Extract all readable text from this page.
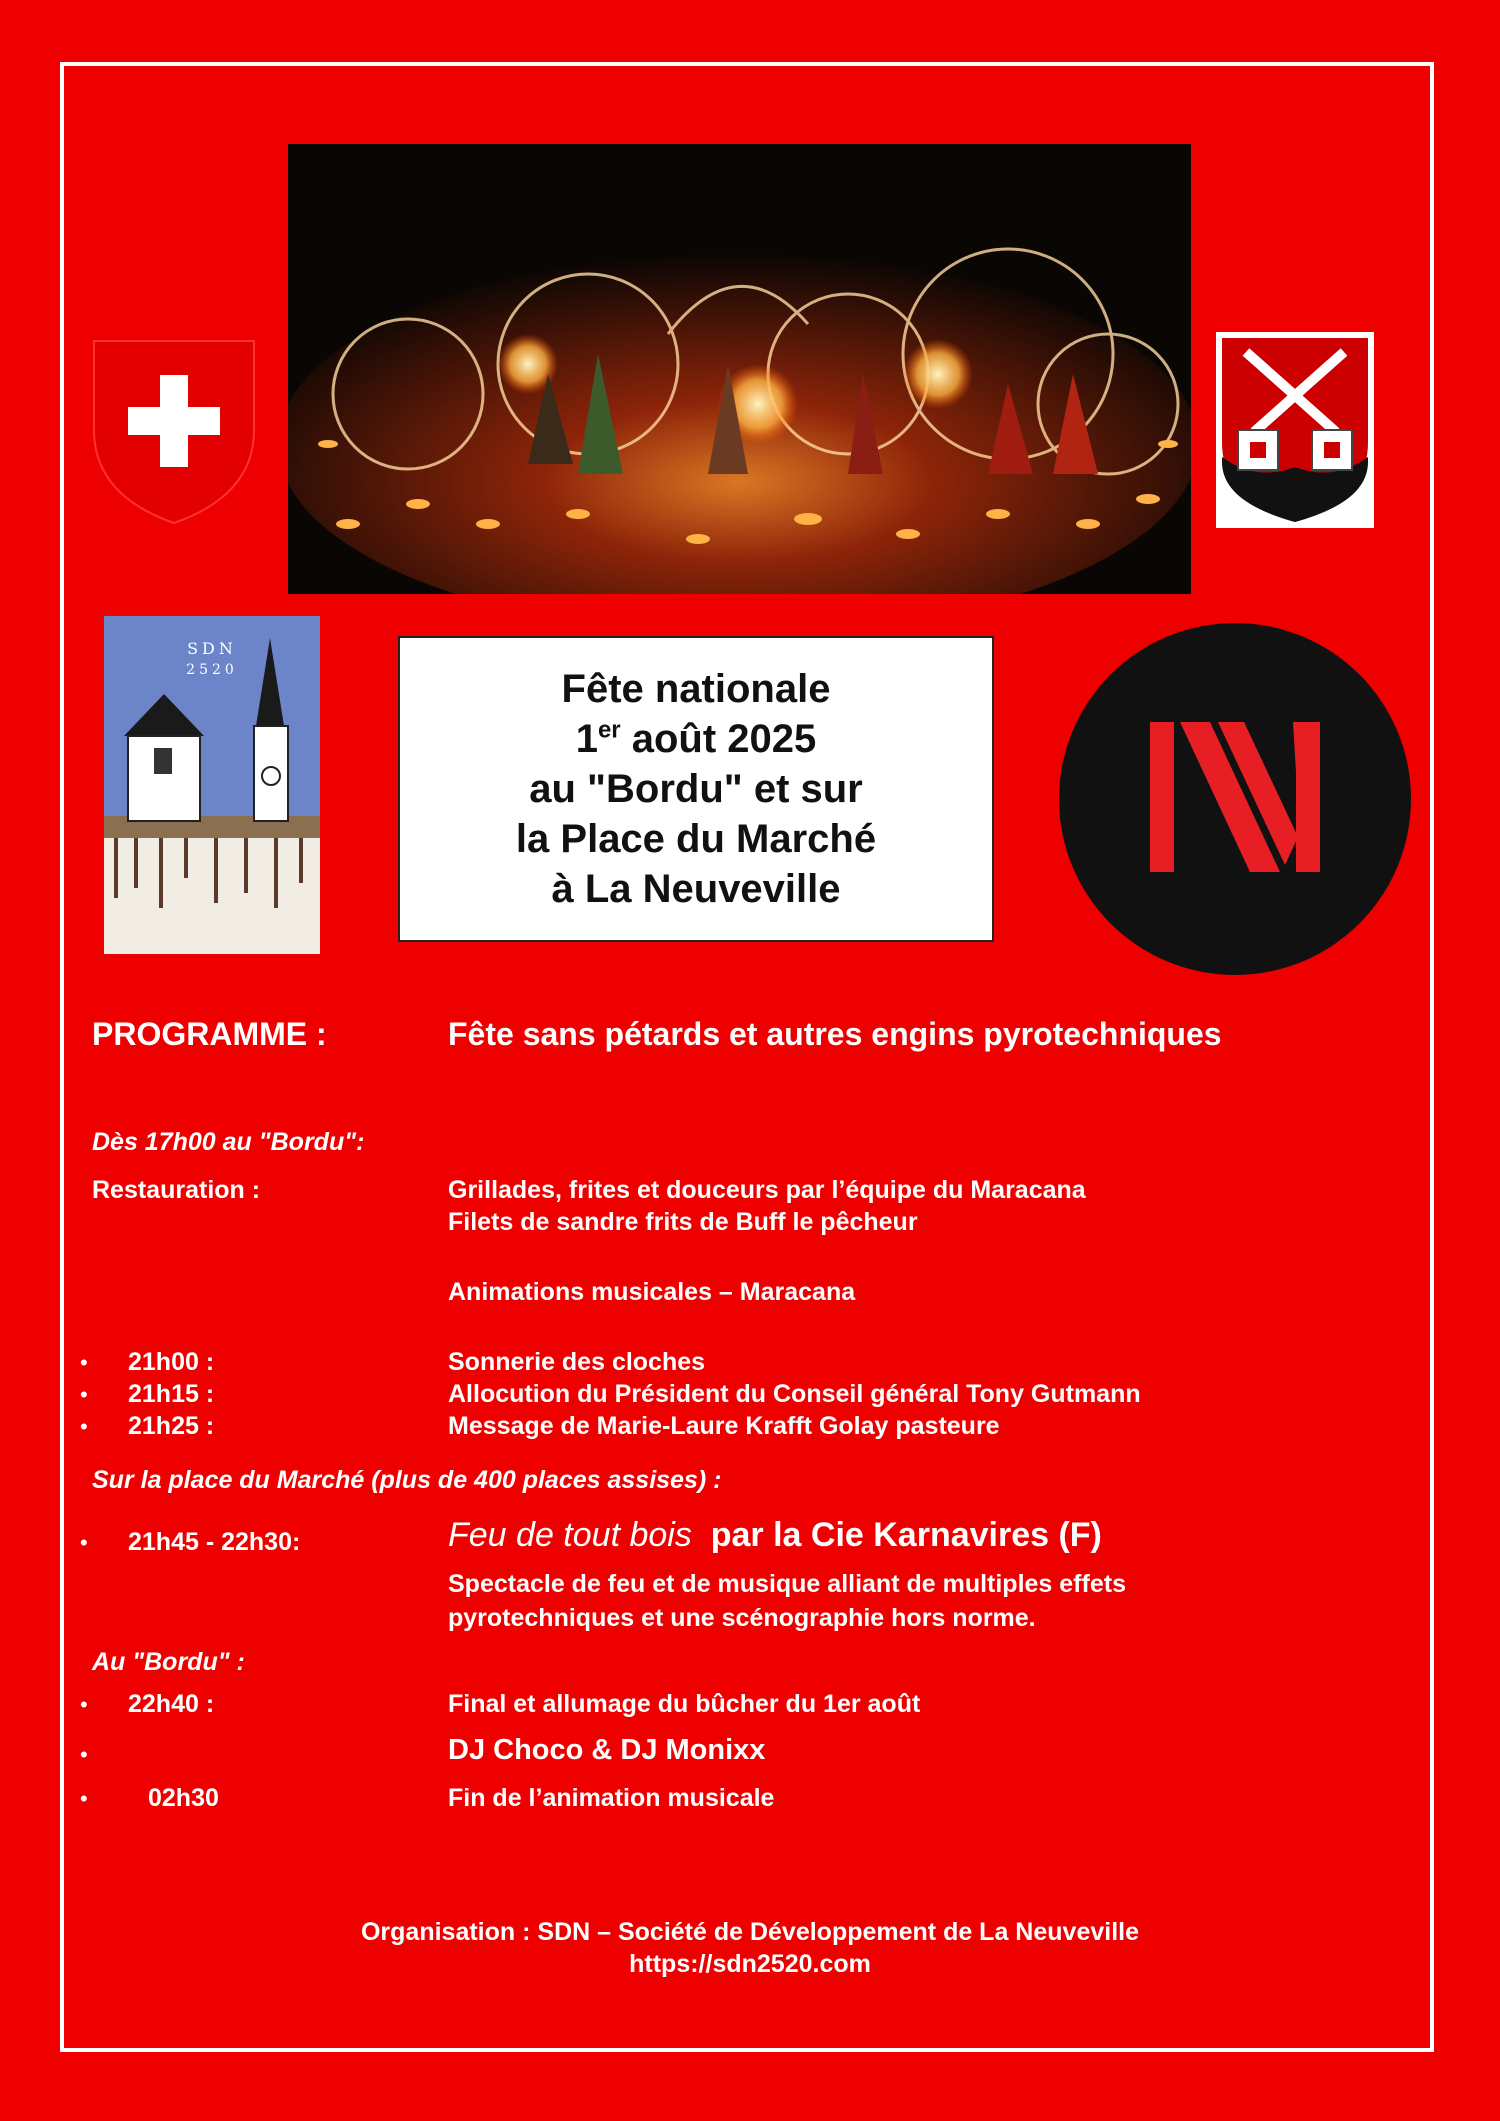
SDN
2520	Fête nationale
1er août 2025
au "Bordu" et sur
la Place du Marché
à La Neuveville
PROGRAMME :	Fête sans pétards et autres engins pyrotechniques
Dès 17h00 au "Bordu":
Restauration :	Grillades, frites et douceurs par l’équipe du Maracana
Filets de sandre frits de Buff le pêcheur
Animations musicales – Maracana
• 21h00 :	Sonnerie des cloches
• 21h15 :	Allocution du Président du Conseil général Tony Gutmann
• 21h25 :	Message de Marie-Laure Krafft Golay pasteure
Sur la place du Marché (plus de 400 places assises) :
• 21h45 - 22h30:	Feu de tout bois par la Cie Karnavires (F)
Spectacle de feu et de musique alliant de multiples effets
pyrotechniques et une scénographie hors norme.
Au "Bordu" :
• 22h40 :	Final et allumage du bûcher du 1er août
•	DJ Choco & DJ Monixx
• 02h30	Fin de l’animation musicale
Organisation : SDN – Société de Développement de La Neuveville
https://sdn2520.com
